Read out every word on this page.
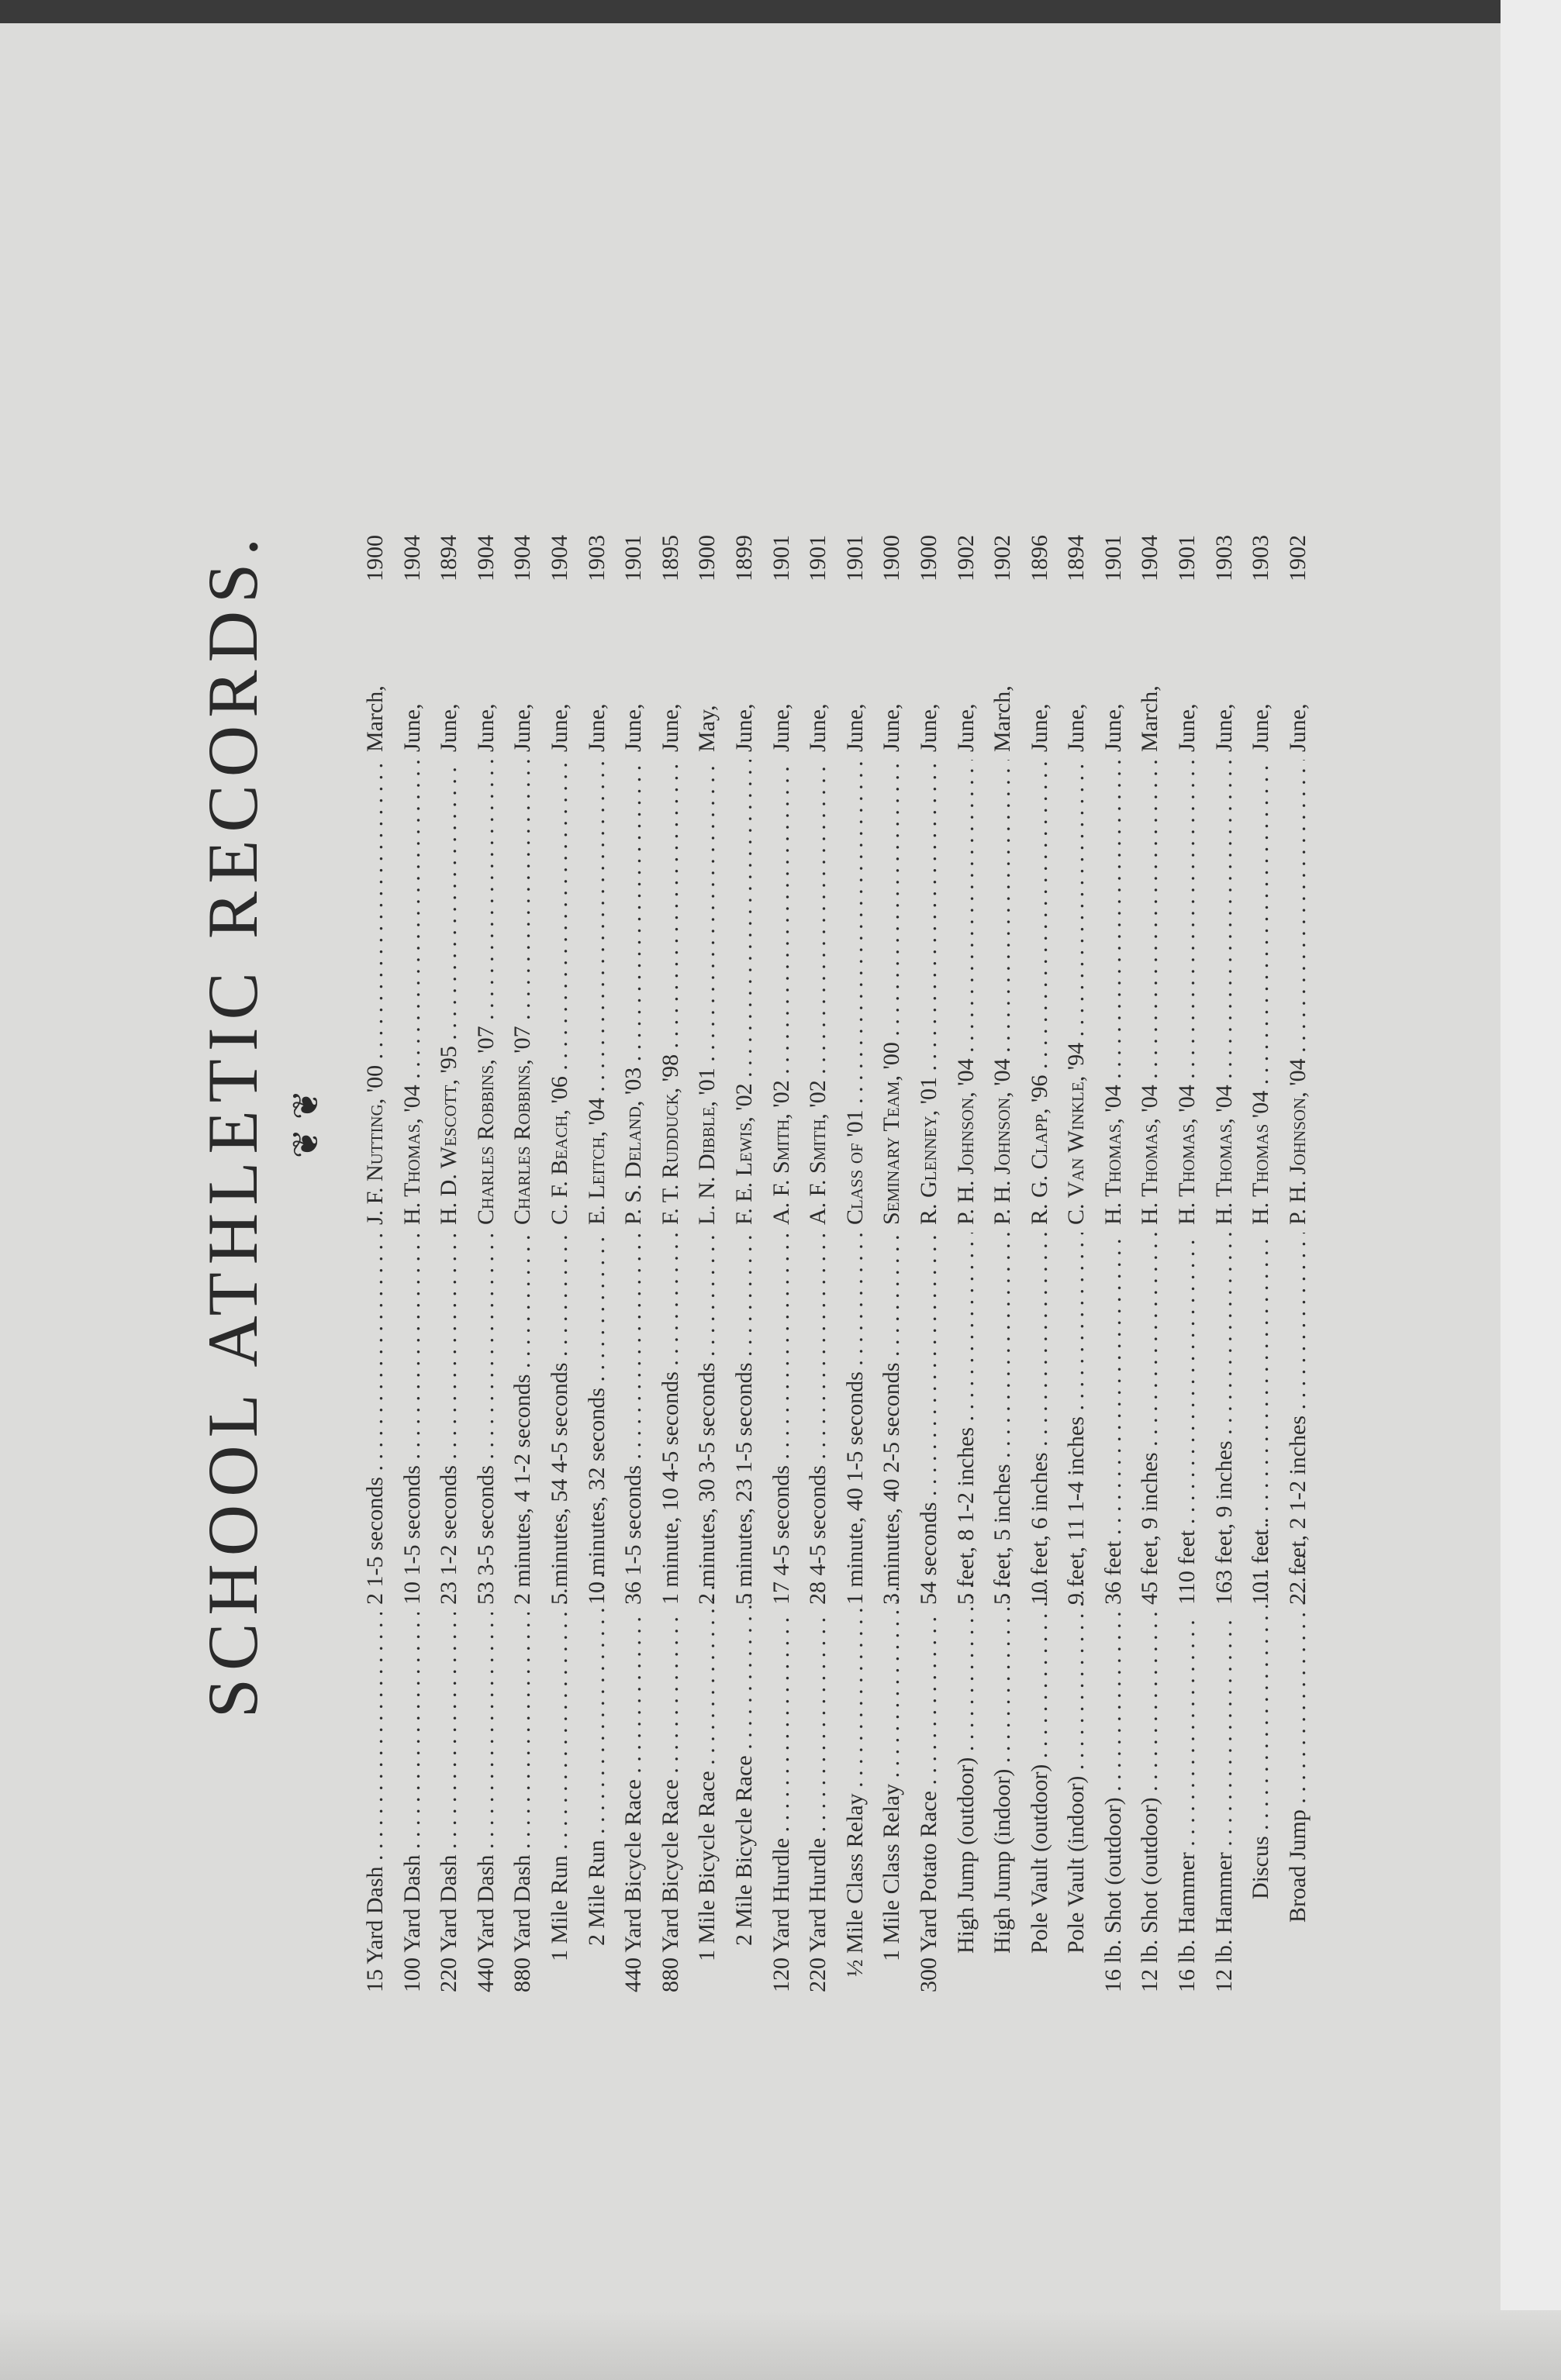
SCHOOL ATHLETIC RECORDS. ❦ ❦
15 Yard Dash . . .
2 1-5 seconds . . .
J. F. Nutting, '00 . . .
March,
1900
100 Yard Dash . . .
10 1-5 seconds . . .
H. Thomas, '04 . . .
June,
1904
220 Yard Dash . . .
23 1-2 seconds . . .
H. D. Wescott, '95 . . .
June,
1894
440 Yard Dash . . .
53 3-5 seconds . . .
Charles Robbins, '07 . . .
June,
1904
880 Yard Dash . . .
2 minutes, 4 1-2 seconds . . .
Charles Robbins, '07 . . .
June,
1904
1 Mile Run . . .
5 minutes, 54 4-5 seconds . . .
C. F. Beach, '06 . . .
June,
1904
2 Mile Run . . .
10 minutes, 32 seconds . . .
E. Leitch, '04 . . .
June,
1903
440 Yard Bicycle Race . . .
36 1-5 seconds . . .
P. S. Deland, '03 . . .
June,
1901
880 Yard Bicycle Race . . .
1 minute, 10 4-5 seconds . . .
F. T. Rudduck, '98 . . .
June,
1895
1 Mile Bicycle Race . . .
2 minutes, 30 3-5 seconds . . .
L. N. Dibble, '01 . . .
May,
1900
2 Mile Bicycle Race . . .
5 minutes, 23 1-5 seconds . . .
F. E. Lewis, '02 . . .
June,
1899
120 Yard Hurdle . . .
17 4-5 seconds . . .
A. F. Smith, '02 . . .
June,
1901
220 Yard Hurdle . . .
28 4-5 seconds . . .
A. F. Smith, '02 . . .
June,
1901
½ Mile Class Relay . . .
1 minute, 40 1-5 seconds . . .
Class of '01 . . .
June,
1901
1 Mile Class Relay . . .
3 minutes, 40 2-5 seconds . . .
Seminary Team, '00 . . .
June,
1900
300 Yard Potato Race . . .
54 seconds . . .
R. Glenney, '01 . . .
June,
1900
High Jump (outdoor) . . .
5 feet, 8 1-2 inches . . .
P. H. Johnson, '04 . . .
June,
1902
High Jump (indoor) . . .
5 feet, 5 inches . . .
P. H. Johnson, '04 . . .
March,
1902
Pole Vault (outdoor) . . .
10 feet, 6 inches . . .
R. G. Clapp, '96 . . .
June,
1896
Pole Vault (indoor) . . .
9 feet, 11 1-4 inches . . .
C. Van Winkle, '94 . . .
June,
1894
16 lb. Shot (outdoor) . . .
36 feet . . .
H. Thomas, '04 . . .
June,
1901
12 lb. Shot (outdoor) . . .
45 feet, 9 inches . . .
H. Thomas, '04 . . .
March,
1904
16 lb. Hammer . . .
110 feet . . .
H. Thomas, '04 . . .
June,
1901
12 lb. Hammer . . .
163 feet, 9 inches . . .
H. Thomas, '04 . . .
June,
1903
Discus . . .
101 feet . . .
H. Thomas '04 . . .
June,
1903
Broad Jump . . .
22 feet, 2 1-2 inches . . .
P. H. Johnson, '04 . . .
June,
1902
